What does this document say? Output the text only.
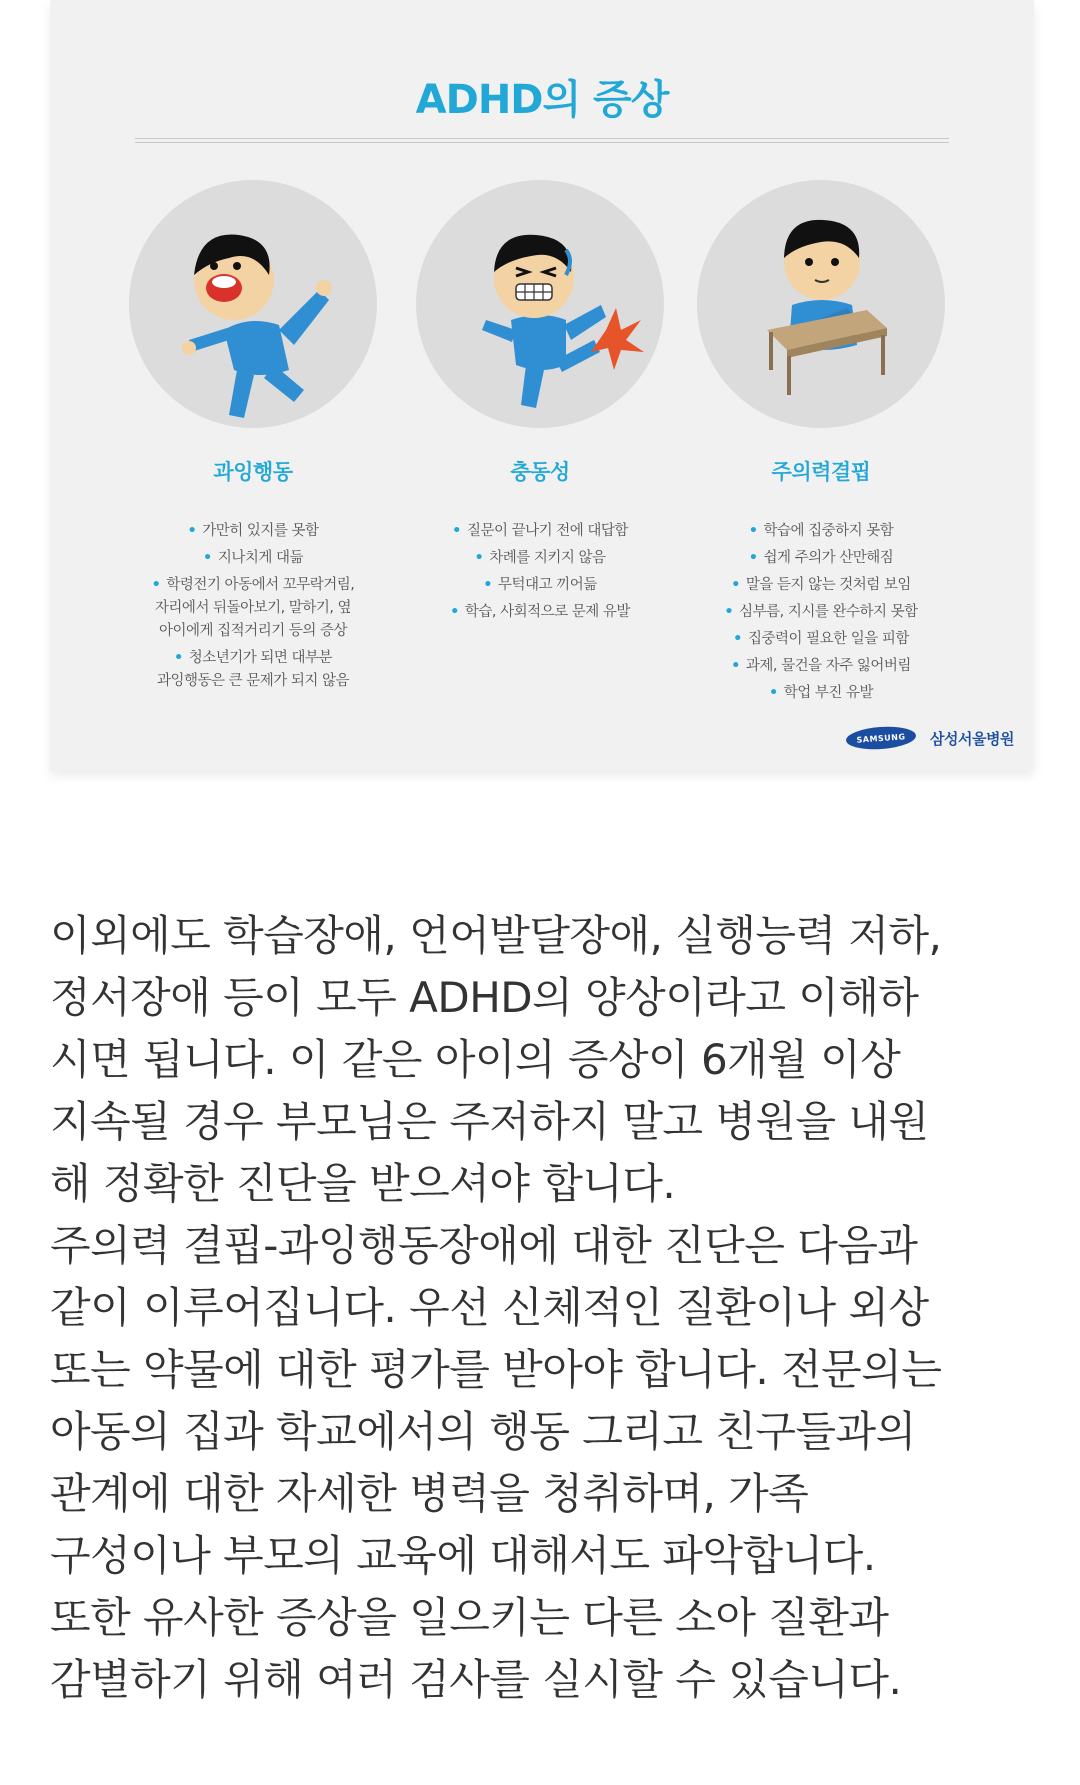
ADHD의 증상
과잉행동
• 가만히 있지를 못함
• 지나치게 대듦
• 학령전기 아동에서 꼬무락거림,
자리에서 뒤돌아보기, 말하기, 옆
아이에게 집적거리기 등의 증상
• 청소년기가 되면 대부분
과잉행동은 큰 문제가 되지 않음
충동성
• 질문이 끝나기 전에 대답함
• 차례를 지키지 않음
• 무턱대고 끼어듦
• 학습, 사회적으로 문제 유발
주의력결핍
• 학습에 집중하지 못함
• 쉽게 주의가 산만해짐
• 말을 듣지 않는 것처럼 보임
• 심부름, 지시를 완수하지 못함
• 집중력이 필요한 일을 피함
• 과제, 물건을 자주 잃어버림
• 학업 부진 유발
SAMSUNG	삼성서울병원

이외에도 학습장애, 언어발달장애, 실행능력 저하,
정서장애 등이 모두 ADHD의 양상이라고 이해하
시면 됩니다. 이 같은 아이의 증상이 6개월 이상
지속될 경우 부모님은 주저하지 말고 병원을 내원
해 정확한 진단을 받으셔야 합니다.
주의력 결핍-과잉행동장애에 대한 진단은 다음과
같이 이루어집니다. 우선 신체적인 질환이나 외상
또는 약물에 대한 평가를 받아야 합니다. 전문의는
아동의 집과 학교에서의 행동 그리고 친구들과의
관계에 대한 자세한 병력을 청취하며, 가족
구성이나 부모의 교육에 대해서도 파악합니다.
또한 유사한 증상을 일으키는 다른 소아 질환과
감별하기 위해 여러 검사를 실시할 수 있습니다.
